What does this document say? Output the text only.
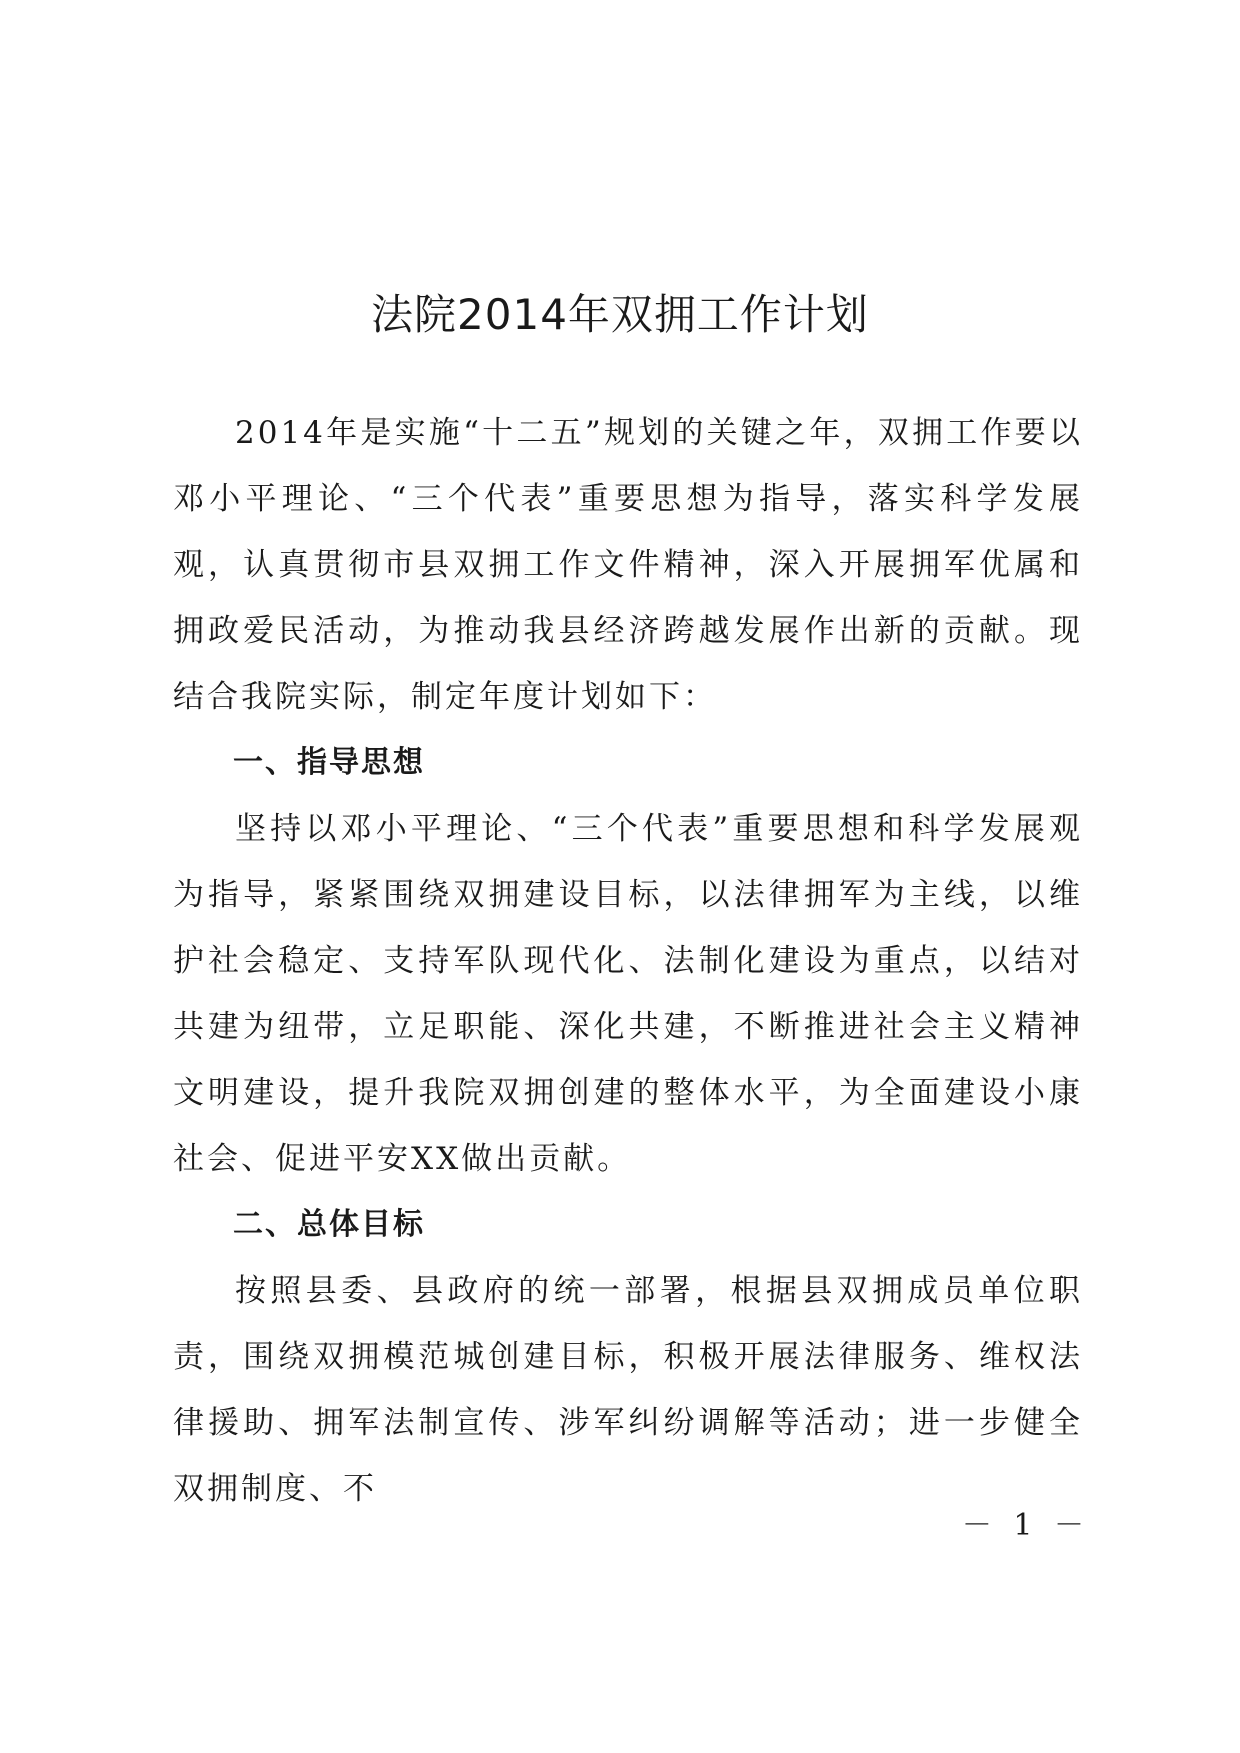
法院2014年双拥工作计划

2014年是实施“十二五”规划的关键之年，双拥工作要以邓小平理论、“三个代表”重要思想为指导，落实科学发展观，认真贯彻市县双拥工作文件精神，深入开展拥军优属和拥政爱民活动，为推动我县经济跨越发展作出新的贡献。现结合我院实际，制定年度计划如下：

一、指导思想

坚持以邓小平理论、“三个代表”重要思想和科学发展观为指导，紧紧围绕双拥建设目标，以法律拥军为主线，以维护社会稳定、支持军队现代化、法制化建设为重点，以结对共建为纽带，立足职能、深化共建，不断推进社会主义精神文明建设，提升我院双拥创建的整体水平，为全面建设小康社会、促进平安XX做出贡献。

二、总体目标

按照县委、县政府的统一部署，根据县双拥成员单位职责，围绕双拥模范城创建目标，积极开展法律服务、维权法律援助、拥军法制宣传、涉军纠纷调解等活动；进一步健全双拥制度、不

－ 1 －
